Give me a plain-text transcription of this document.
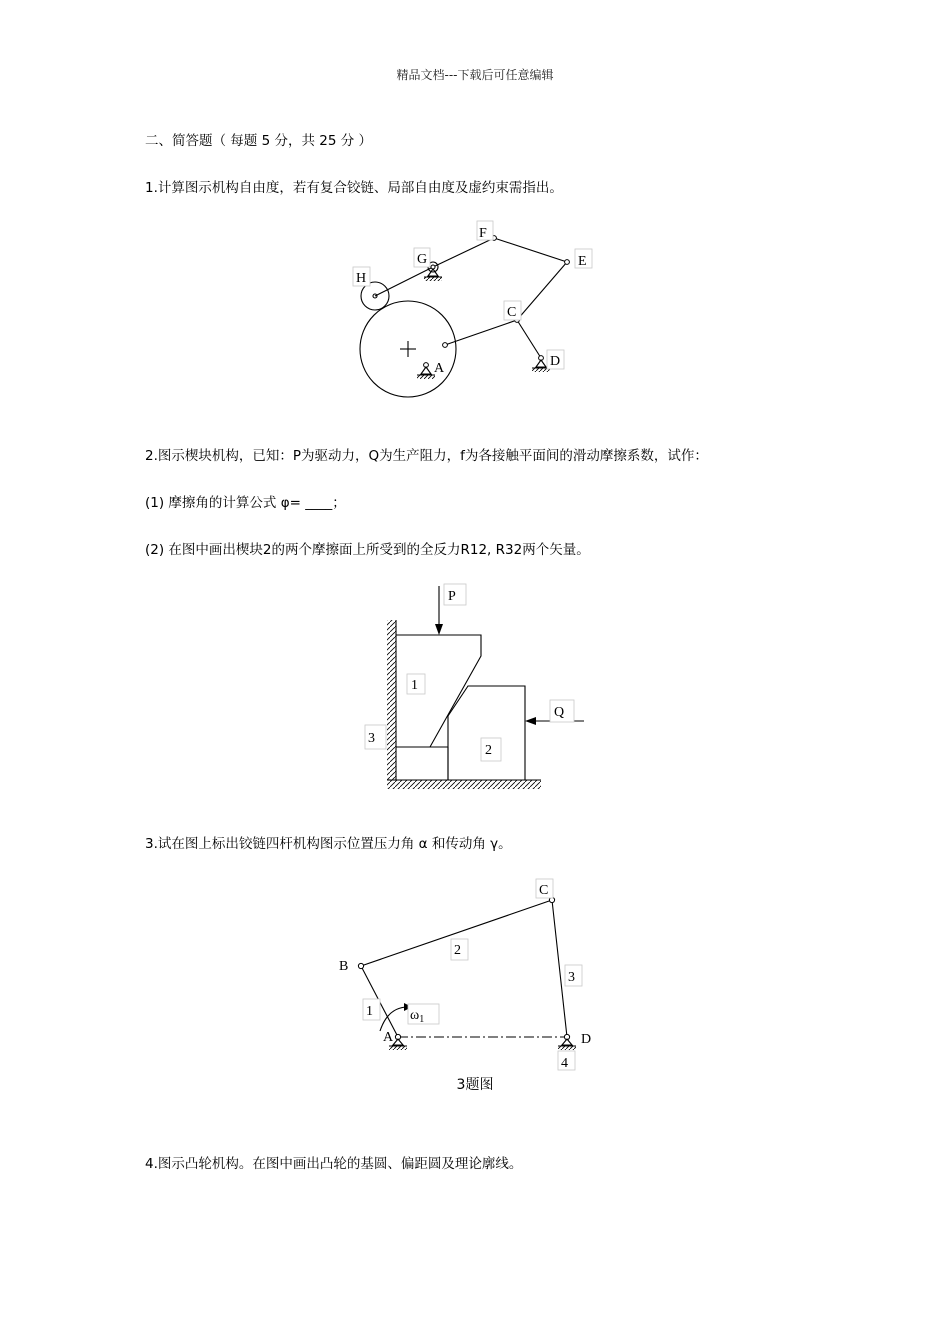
精品文档---下载后可任意编辑
二、简答题（ 每题 5 分，共 25 分 ）
1.计算图示机构自由度，若有复合铰链、局部自由度及虚约束需指出。
H
G
F
E
C
D
A
2.图示楔块机构，已知：P为驱动力，Q为生产阻力，f为各接触平面间的滑动摩擦系数，试作：
(1) 摩擦角的计算公式 φ= ____；
(2) 在图中画出楔块2的两个摩擦面上所受到的全反力R12, R32两个矢量。
P
Q
1
2
3
3.试在图上标出铰链四杆机构图示位置压力角 α 和传动角 γ。
B
C
A	D
2
3
1
4
$\omega_1$
3题图
4.图示凸轮机构。在图中画出凸轮的基圆、偏距圆及理论廓线。
